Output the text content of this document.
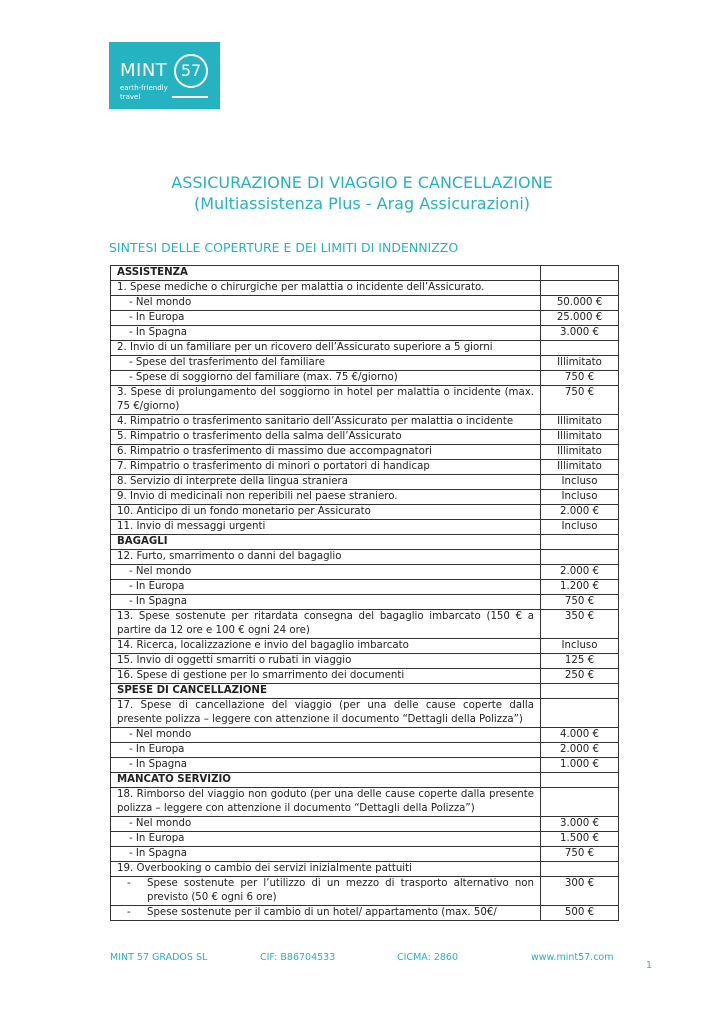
MINT 57
earth-friendly
travel
ASSICURAZIONE DI VIAGGIO E CANCELLAZIONE
(Multiassistenza Plus - Arag Assicurazioni)
SINTESI DELLE COPERTURE E DEI LIMITI DI INDENNIZZO
ASSISTENZA	
1. Spese mediche o chirurgiche per malattia o incidente dell’Assicurato.	
- Nel mondo	50.000 €
- In Europa	25.000 €
- In Spagna	3.000 €
2. Invio di un familiare per un ricovero dell’Assicurato superiore a 5 giorni	
- Spese del trasferimento del familiare	Illimitato
- Spese di soggiorno del familiare (max. 75 €/giorno)	750 €
3. Spese di prolungamento del soggiorno in hotel per malattia o incidente (max. 75 €/giorno)	750 €
4. Rimpatrio o trasferimento sanitario dell’Assicurato per malattia o incidente	Illimitato
5. Rimpatrio o trasferimento della salma dell’Assicurato	Illimitato
6. Rimpatrio o trasferimento di massimo due accompagnatori	Illimitato
7. Rimpatrio o trasferimento di minori o portatori di handicap	Illimitato
8. Servizio di interprete della lingua straniera	Incluso
9. Invio di medicinali non reperibili nel paese straniero.	Incluso
10. Anticipo di un fondo monetario per Assicurato	2.000 €
11. Invio di messaggi urgenti	Incluso
BAGAGLI	
12. Furto, smarrimento o danni del bagaglio	
- Nel mondo	2.000 €
- In Europa	1.200 €
- In Spagna	750 €
13. Spese sostenute per ritardata consegna del bagaglio imbarcato (150 € a partire da 12 ore e 100 € ogni 24 ore)	350 €
14. Ricerca, localizzazione e invio del bagaglio imbarcato	Incluso
15. Invio di oggetti smarriti o rubati in viaggio	125 €
16. Spese di gestione per lo smarrimento dei documenti	250 €
SPESE DI CANCELLAZIONE	
17. Spese di cancellazione del viaggio (per una delle cause coperte dalla presente polizza – leggere con attenzione il documento “Dettagli della Polizza”)	
- Nel mondo	4.000 €
- In Europa	2.000 €
- In Spagna	1.000 €
MANCATO SERVIZIO	
18. Rimborso del viaggio non goduto (per una delle cause coperte dalla presente polizza – leggere con attenzione il documento “Dettagli della Polizza”)	
- Nel mondo	3.000 €
- In Europa	1.500 €
- In Spagna	750 €
19. Overbooking o cambio dei servizi inizialmente pattuiti	

- Spese sostenute per l’utilizzo di un mezzo di trasporto alternativo non previsto (50 € ogni 6 ore)	300 €

- Spese sostenute per il cambio di un hotel/ appartamento (max. 50€/	500 €
MINT 57 GRADOS SL	CIF: B86704533	CICMA: 2860	www.mint57.com
1
